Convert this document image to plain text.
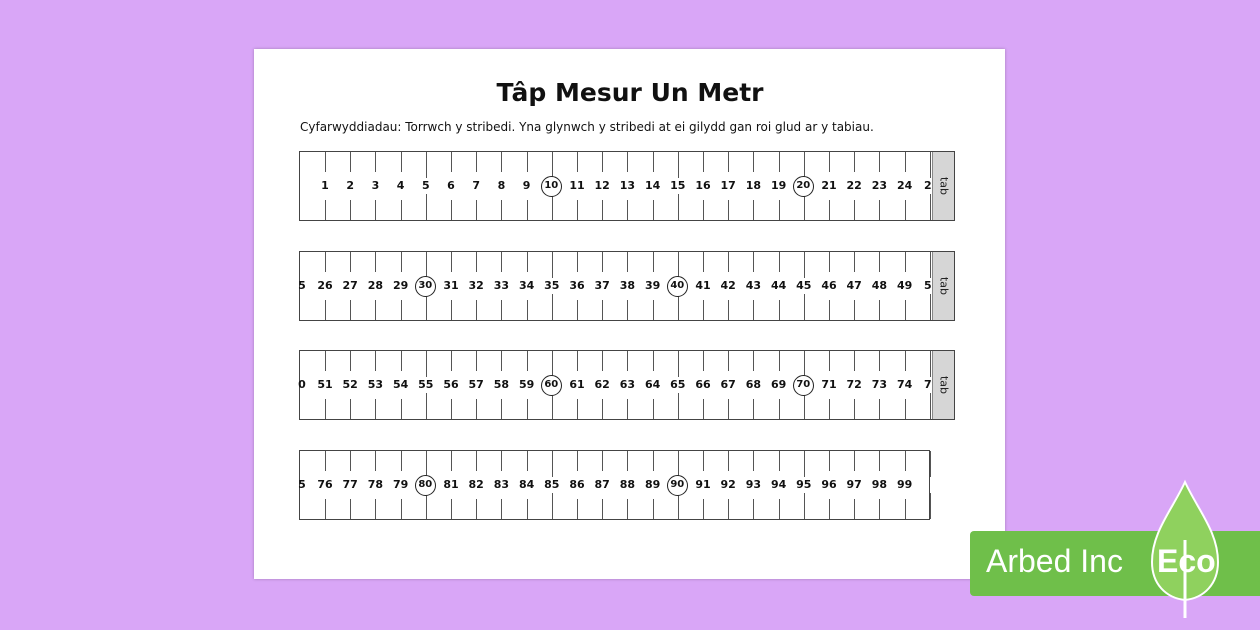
Tâp Mesur Un Metr
Cyfarwyddiadau: Torrwch y stribedi. Yna glynwch y stribedi at ei gilydd gan roi glud ar y tabiau.
1	2	3	4	5	6	7	8	9	10	11 12 13 14 15 16 17 18 19	20	21 22 23 24	2 tab
5	26 27 28 29	30	31 32 33 34 35 36 37 38 39	40	41 42 43 44 45 46 47 48 49	5 tab
0	51 52 53 54 55 56 57 58 59	60	61 62 63 64 65 66 67 68 69	70	71 72 73 74	7 tab
5	76 77 78 79	80	81 82 83 84 85 86 87 88 89	90	91 92 93 94 95 96 97 98 99
Arbed Inc Eco
